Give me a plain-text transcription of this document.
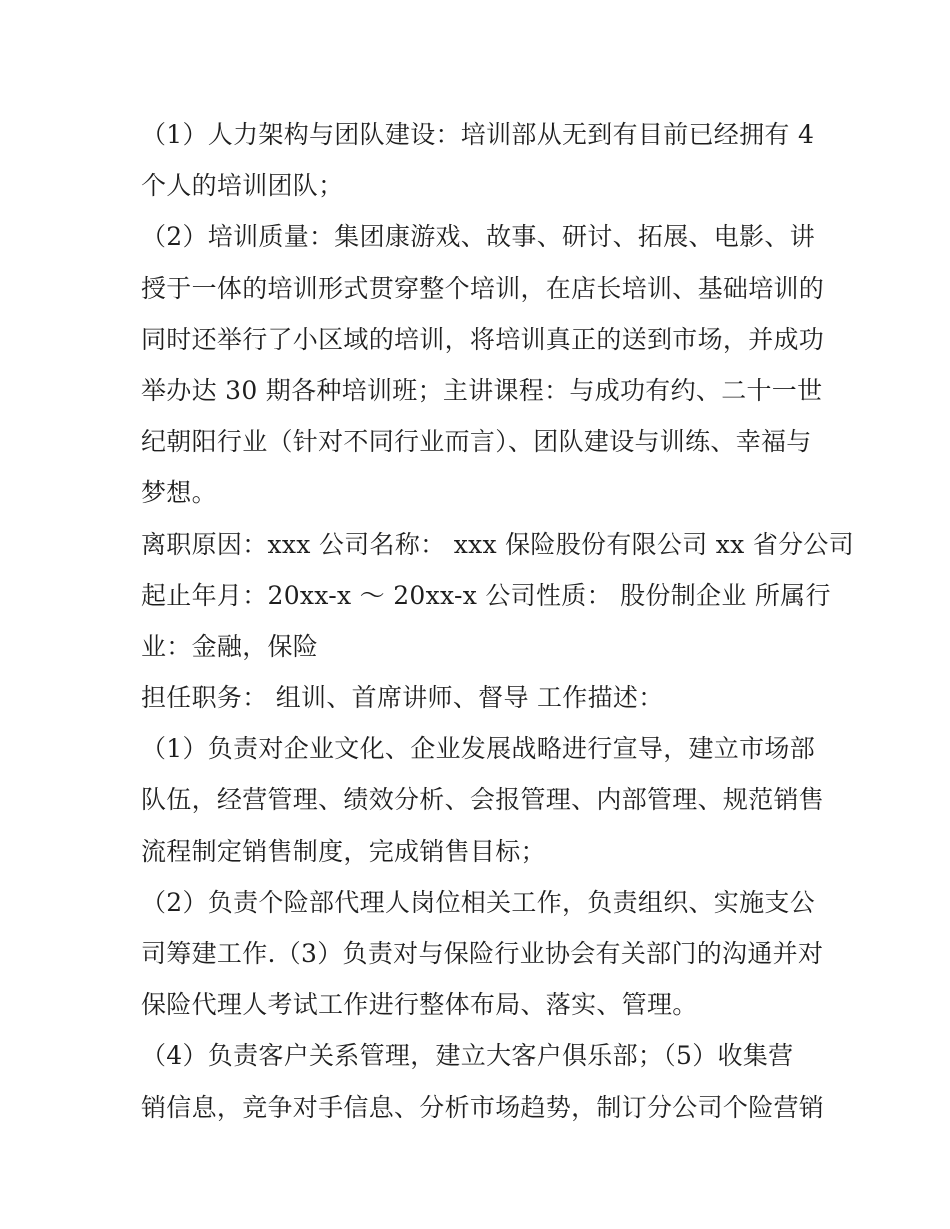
（1）人力架构与团队建设：培训部从无到有目前已经拥有 4
个人的培训团队；
（2）培训质量：集团康游戏、故事、研讨、拓展、电影、讲
授于一体的培训形式贯穿整个培训，在店长培训、基础培训的
同时还举行了小区域的培训，将培训真正的送到市场，并成功
举办达 30 期各种培训班；主讲课程：与成功有约、二十一世
纪朝阳行业（针对不同行业而言）、团队建设与训练、幸福与
梦想。
离职原因：xxx 公司名称： xxx 保险股份有限公司 xx 省分公司
起止年月：20xx-x ～ 20xx-x 公司性质： 股份制企业 所属行
业：金融，保险
担任职务： 组训、首席讲师、督导 工作描述：
（1）负责对企业文化、企业发展战略进行宣导，建立市场部
队伍，经营管理、绩效分析、会报管理、内部管理、规范销售
流程制定销售制度，完成销售目标；
（2）负责个险部代理人岗位相关工作，负责组织、实施支公
司筹建工作.（3）负责对与保险行业协会有关部门的沟通并对
保险代理人考试工作进行整体布局、落实、管理。
（4）负责客户关系管理，建立大客户俱乐部；（5）收集营
销信息，竞争对手信息、分析市场趋势，制订分公司个险营销
